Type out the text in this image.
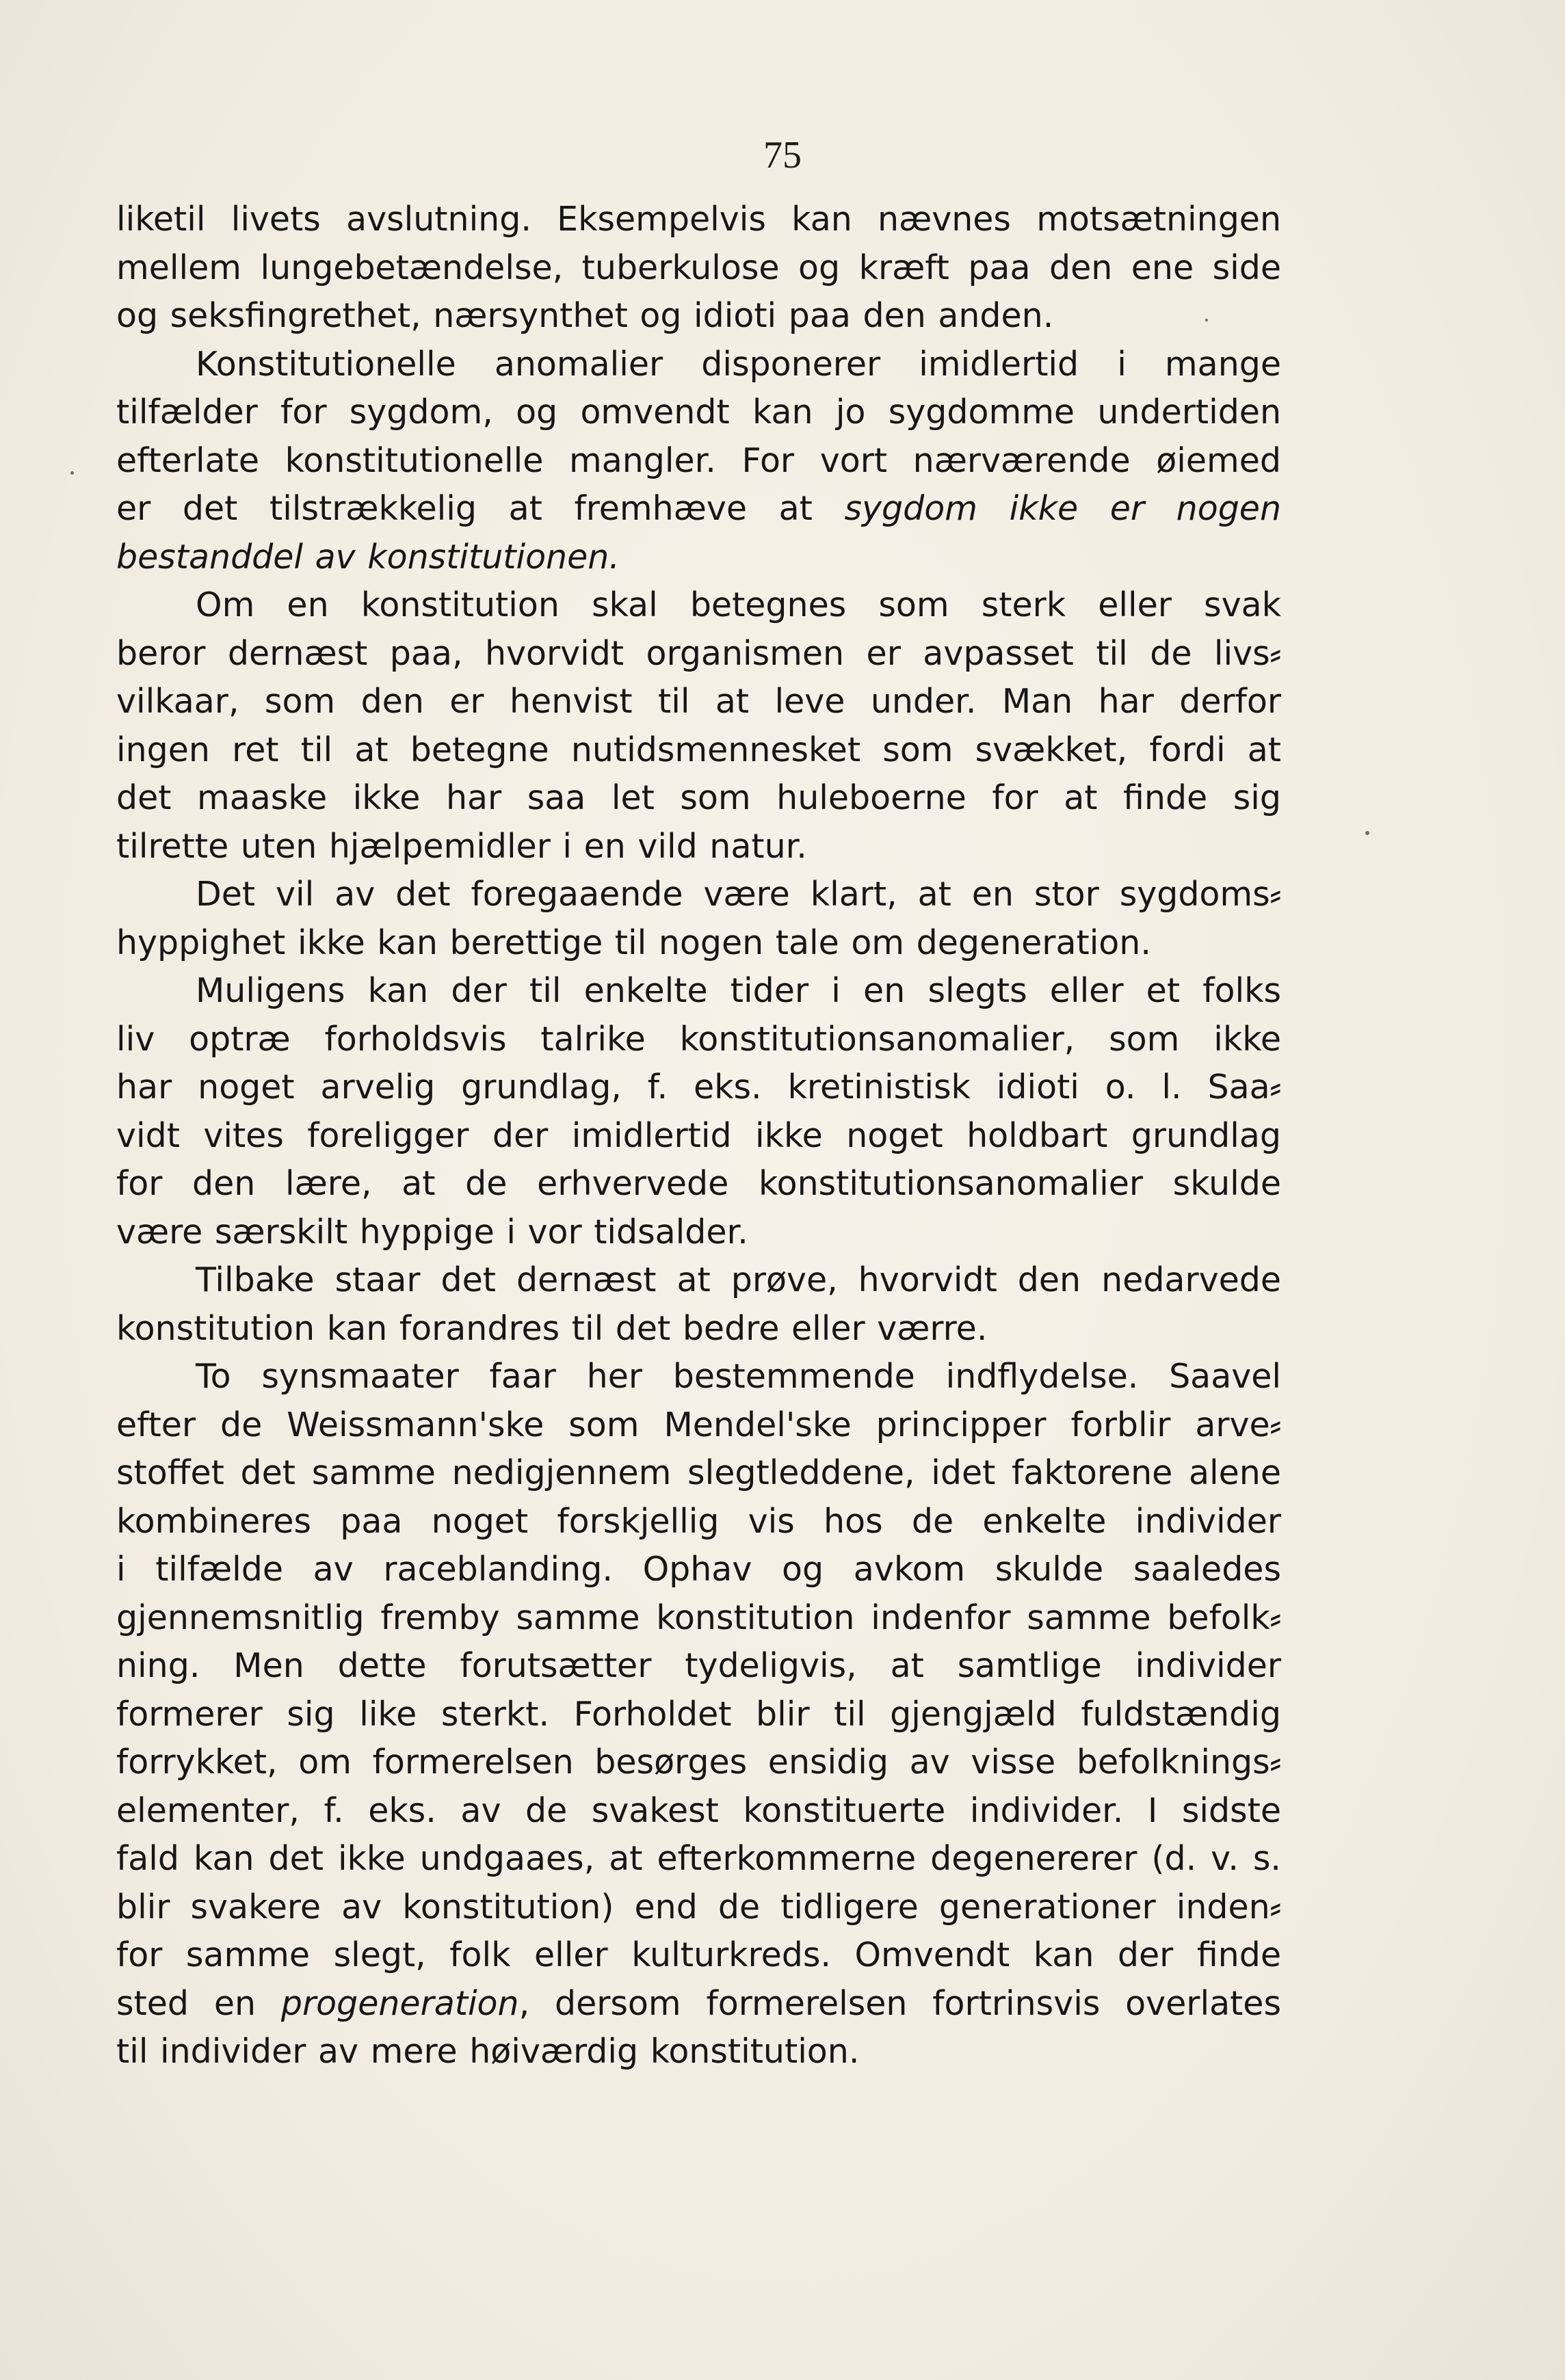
75
liketil livets avslutning. Eksempelvis kan nævnes motsætningen
mellem lungebetændelse, tuberkulose og kræft paa den ene side
og seksfingrethet, nærsynthet og idioti paa den anden.
Konstitutionelle anomalier disponerer imidlertid i mange
tilfælder for sygdom, og omvendt kan jo sygdomme undertiden
efterlate konstitutionelle mangler. For vort nærværende øiemed
er det tilstrækkelig at fremhæve at sygdom ikke er nogen
bestanddel av konstitutionen.
Om en konstitution skal betegnes som sterk eller svak
beror dernæst paa, hvorvidt organismen er avpasset til de livs⸗
vilkaar, som den er henvist til at leve under. Man har derfor
ingen ret til at betegne nutidsmennesket som svækket, fordi at
det maaske ikke har saa let som huleboerne for at finde sig
tilrette uten hjælpemidler i en vild natur.
Det vil av det foregaaende være klart, at en stor sygdoms⸗
hyppighet ikke kan berettige til nogen tale om degeneration.
Muligens kan der til enkelte tider i en slegts eller et folks
liv optræ forholdsvis talrike konstitutionsanomalier, som ikke
har noget arvelig grundlag, f. eks. kretinistisk idioti o. l. Saa⸗
vidt vites foreligger der imidlertid ikke noget holdbart grundlag
for den lære, at de erhvervede konstitutionsanomalier skulde
være særskilt hyppige i vor tidsalder.
Tilbake staar det dernæst at prøve, hvorvidt den nedarvede
konstitution kan forandres til det bedre eller værre.
To synsmaater faar her bestemmende indflydelse. Saavel
efter de Weissmann'ske som Mendel'ske principper forblir arve⸗
stoffet det samme nedigjennem slegtleddene, idet faktorene alene
kombineres paa noget forskjellig vis hos de enkelte individer
i tilfælde av raceblanding. Ophav og avkom skulde saaledes
gjennemsnitlig fremby samme konstitution indenfor samme befolk⸗
ning. Men dette forutsætter tydeligvis, at samtlige individer
formerer sig like sterkt. Forholdet blir til gjengjæld fuldstændig
forrykket, om formerelsen besørges ensidig av visse befolknings⸗
elementer, f. eks. av de svakest konstituerte individer. I sidste
fald kan det ikke undgaaes, at efterkommerne degenererer (d. v. s.
blir svakere av konstitution) end de tidligere generationer inden⸗
for samme slegt, folk eller kulturkreds. Omvendt kan der finde
sted en progeneration, dersom formerelsen fortrinsvis overlates
til individer av mere høiværdig konstitution.
